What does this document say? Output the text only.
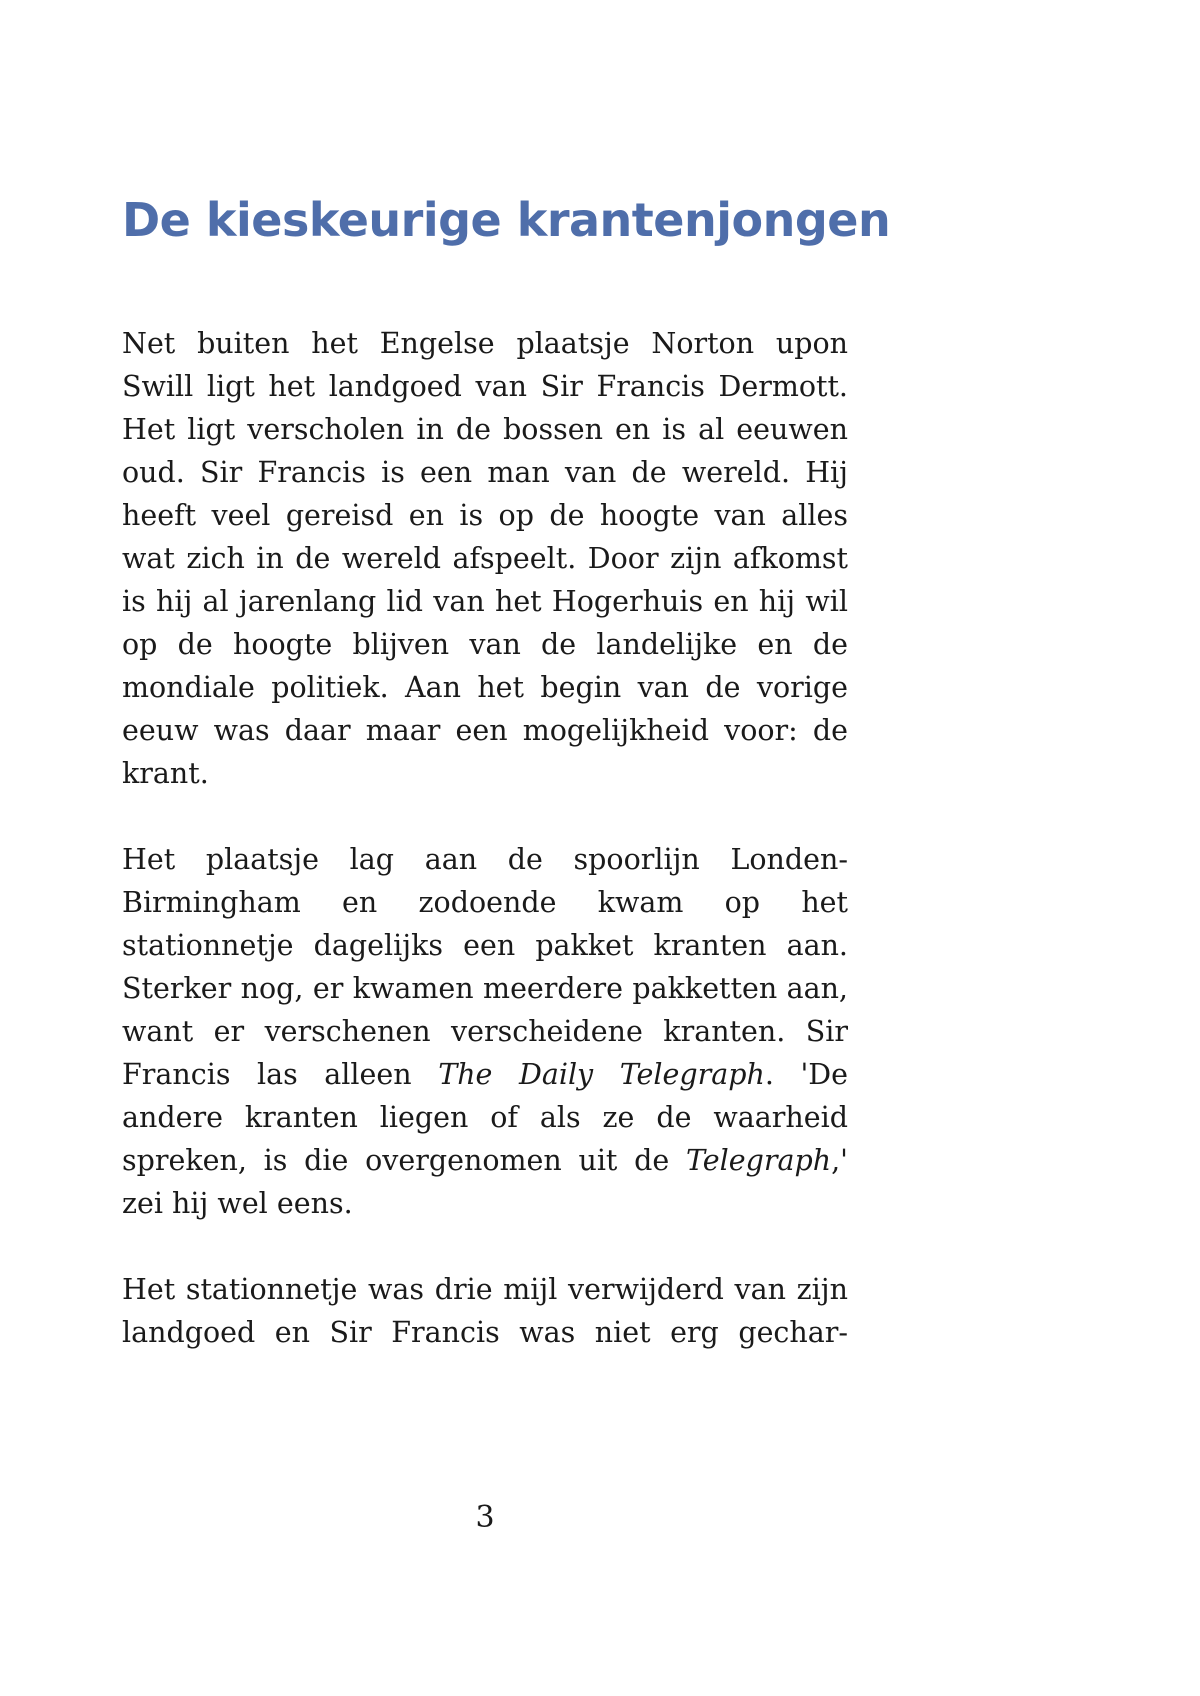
De kieskeurige krantenjongen

Net buiten het Engelse plaatsje Norton upon Swill ligt het landgoed van Sir Francis Dermott. Het ligt verscholen in de bossen en is al eeuwen oud. Sir Francis is een man van de wereld. Hij heeft veel gereisd en is op de hoogte van alles wat zich in de wereld afspeelt. Door zijn afkomst is hij al jarenlang lid van het Hogerhuis en hij wil op de hoogte blijven van de landelijke en de mondiale politiek. Aan het begin van de vorige eeuw was daar maar een mogelijkheid voor: de krant.

Het plaatsje lag aan de spoorlijn Londen-Birmingham en zodoende kwam op het stationnetje dagelijks een pakket kranten aan. Sterker nog, er kwamen meerdere pakketten aan, want er verschenen verscheidene kranten. Sir Francis las alleen The Daily Telegraph. 'De andere kranten liegen of als ze de waarheid spreken, is die overgenomen uit de Telegraph,' zei hij wel eens.

Het stationnetje was drie mijl verwijderd van zijn landgoed en Sir Francis was niet erg gechar-

3
